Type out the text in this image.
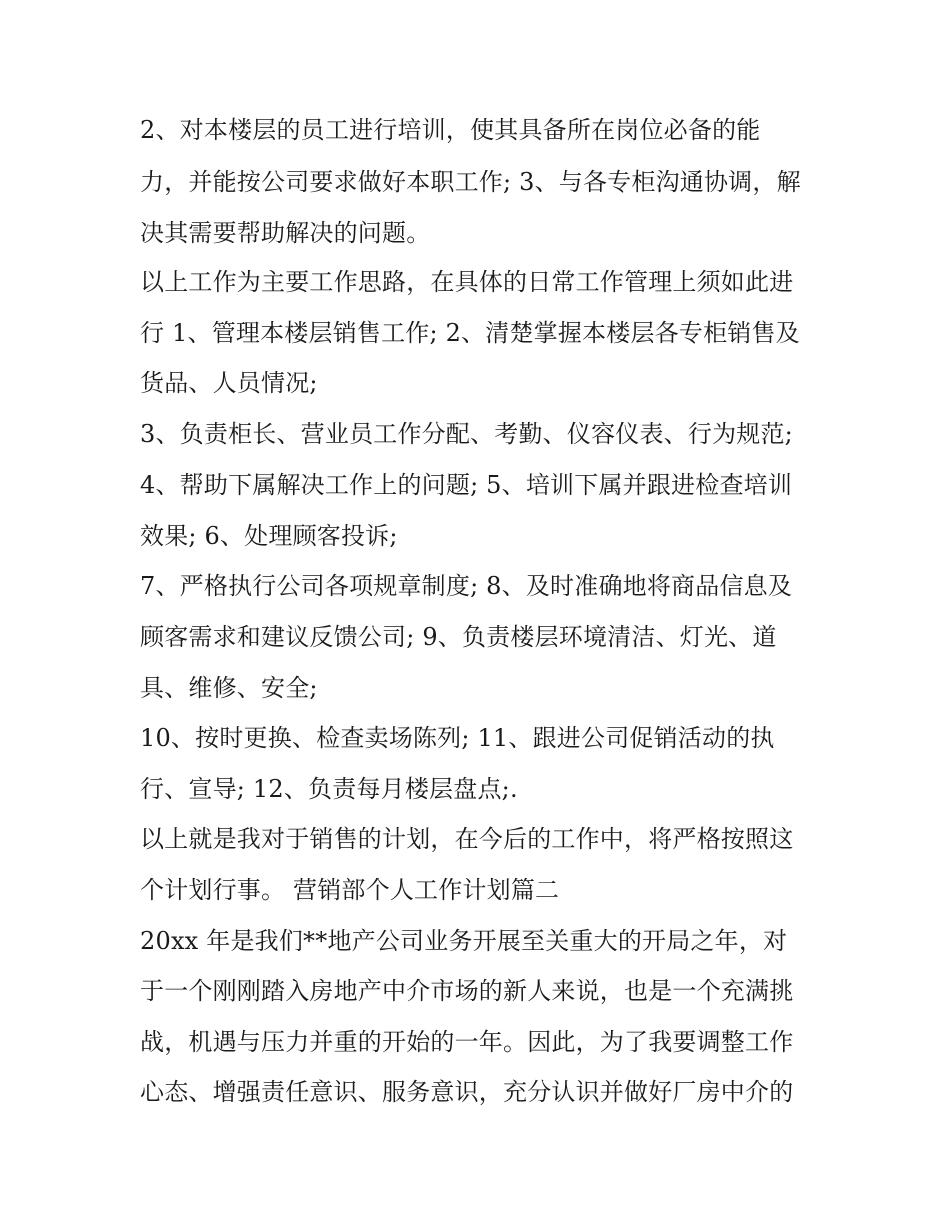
2、对本楼层的员工进行培训，使其具备所在岗位必备的能
力，并能按公司要求做好本职工作; 3、与各专柜沟通协调，解
决其需要帮助解决的问题。
以上工作为主要工作思路，在具体的日常工作管理上须如此进
行 1、管理本楼层销售工作; 2、清楚掌握本楼层各专柜销售及
货品、人员情况;
3、负责柜长、营业员工作分配、考勤、仪容仪表、行为规范;
4、帮助下属解决工作上的问题; 5、培训下属并跟进检查培训
效果; 6、处理顾客投诉;
7、严格执行公司各项规章制度; 8、及时准确地将商品信息及
顾客需求和建议反馈公司; 9、负责楼层环境清洁、灯光、道
具、维修、安全;
10、按时更换、检查卖场陈列; 11、跟进公司促销活动的执
行、宣导; 12、负责每月楼层盘点;.
以上就是我对于销售的计划，在今后的工作中，将严格按照这
个计划行事。 营销部个人工作计划篇二
20xx 年是我们**地产公司业务开展至关重大的开局之年，对
于一个刚刚踏入房地产中介市场的新人来说，也是一个充满挑
战，机遇与压力并重的开始的一年。因此，为了我要调整工作
心态、增强责任意识、服务意识，充分认识并做好厂房中介的
